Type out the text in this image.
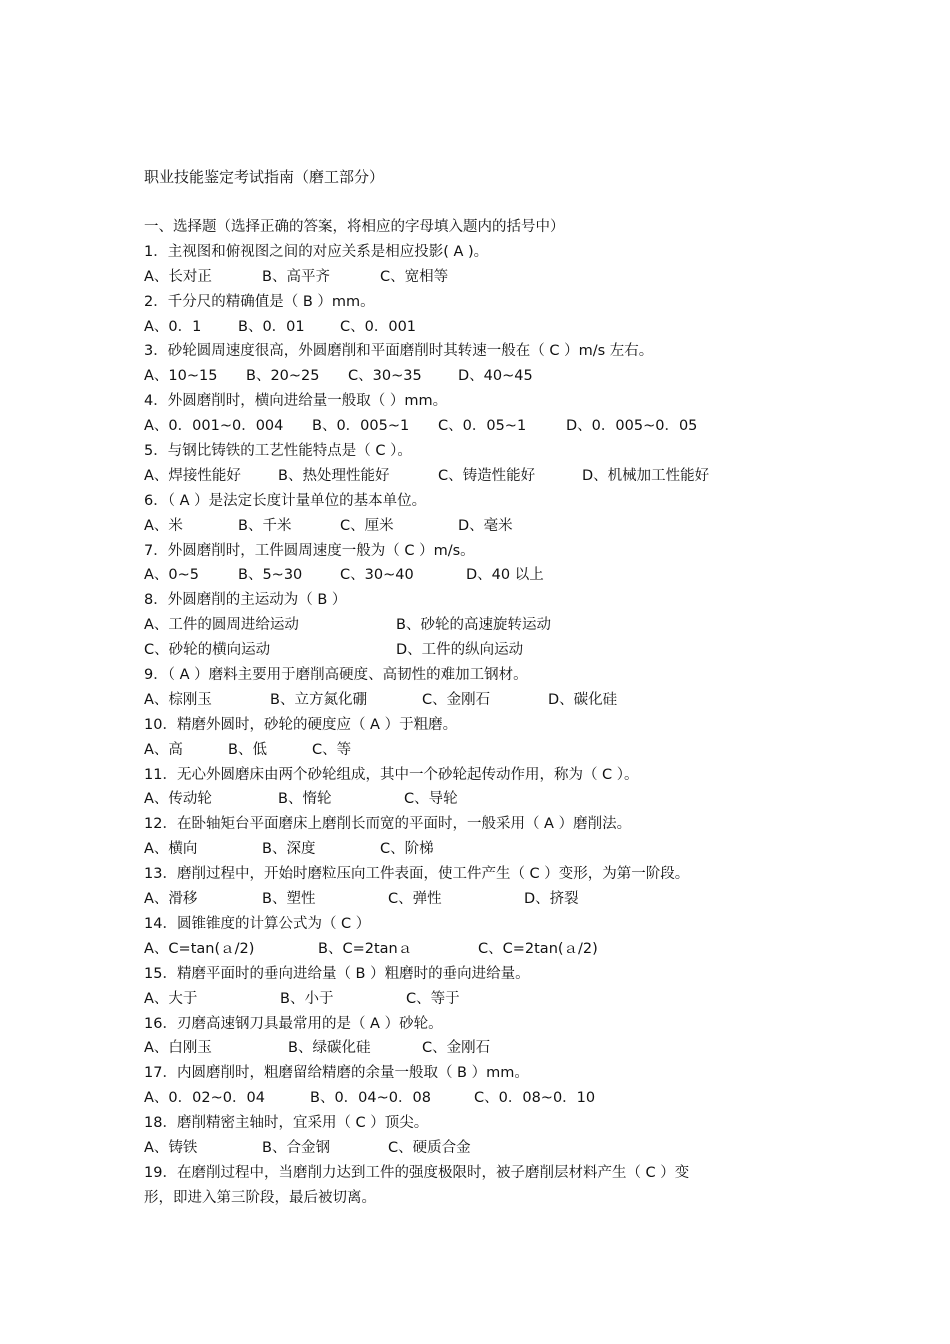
职业技能鉴定考试指南（磨工部分）
一、选择题（选择正确的答案，将相应的字母填入题内的括号中）
1．主视图和俯视图之间的对应关系是相应投影( A )。
A、长对正	B、高平齐	C、宽相等
2．千分尺的精确值是（ B ）mm。
A、0．1	B、0．01	C、0．001
3．砂轮圆周速度很高，外圆磨削和平面磨削时其转速一般在（ C ）m/s 左右。
A、10~15	B、20~25	C、30~35	D、40~45
4．外圆磨削时，横向进给量一般取（ ）mm。
A、0．001~0．004	B、0．005~1	C、0．05~1	D、0．005~0．05
5．与钢比铸铁的工艺性能特点是（ C ）。
A、焊接性能好	B、热处理性能好	C、铸造性能好	D、机械加工性能好
6．（ A ）是法定长度计量单位的基本单位。
A、米	B、千米	C、厘米	D、毫米
7．外圆磨削时，工件圆周速度一般为（ C ）m/s。
A、0~5	B、5~30	C、30~40	D、40 以上
8．外圆磨削的主运动为（ B ）
A、工件的圆周进给运动	B、砂轮的高速旋转运动
C、砂轮的横向运动	D、工件的纵向运动
9．（ A ）磨料主要用于磨削高硬度、高韧性的难加工钢材。
A、棕刚玉	B、立方氮化硼	C、金刚石	D、碳化硅
10．精磨外圆时，砂轮的硬度应（ A ）于粗磨。
A、高	B、低	C、等
11．无心外圆磨床由两个砂轮组成，其中一个砂轮起传动作用，称为（ C ）。
A、传动轮	B、惰轮	C、导轮
12．在卧轴矩台平面磨床上磨削长而宽的平面时，一般采用（ A ）磨削法。
A、横向	B、深度	C、阶梯
13．磨削过程中，开始时磨粒压向工件表面，使工件产生（ C ）变形，为第一阶段。
A、滑移	B、塑性	C、弹性	D、挤裂
14．圆锥锥度的计算公式为（ C ）
A、C=tan(ａ/2)	B、C=2tanａ	C、C=2tan(ａ/2)
15．精磨平面时的垂向进给量（ B ）粗磨时的垂向进给量。
A、大于	B、小于	C、等于
16．刃磨高速钢刀具最常用的是（ A ）砂轮。
A、白刚玉	B、绿碳化硅	C、金刚石
17．内圆磨削时，粗磨留给精磨的余量一般取（ B ）mm。
A、0．02~0．04	B、0．04~0．08	C、0．08~0．10
18．磨削精密主轴时，宜采用（ C ）顶尖。
A、铸铁	B、合金钢	C、硬质合金
19．在磨削过程中，当磨削力达到工件的强度极限时，被子磨削层材料产生（ C ）变
形，即进入第三阶段，最后被切离。
